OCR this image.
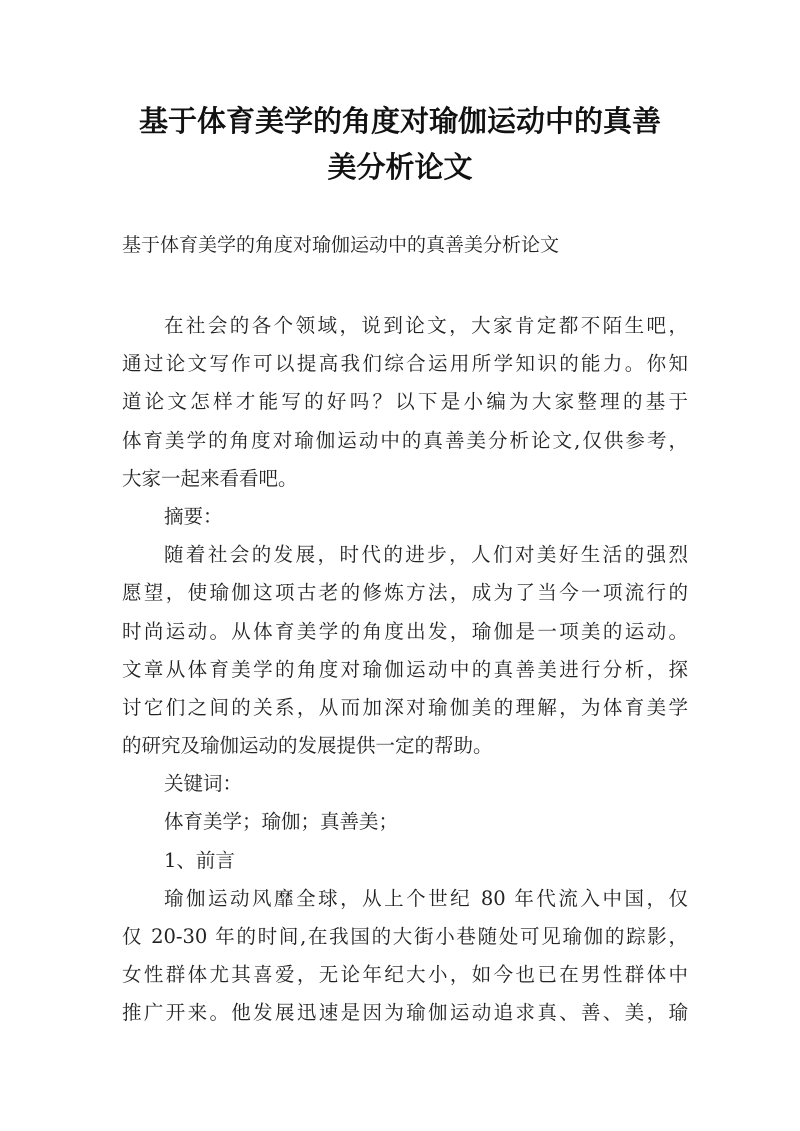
基于体育美学的角度对瑜伽运动中的真善
美分析论文

基于体育美学的角度对瑜伽运动中的真善美分析论文

在社会的各个领域，说到论文，大家肯定都不陌生吧，
通过论文写作可以提高我们综合运用所学知识的能力。你知
道论文怎样才能写的好吗？以下是小编为大家整理的基于
体育美学的角度对瑜伽运动中的真善美分析论文,仅供参考，
大家一起来看看吧。
摘要：
随着社会的发展，时代的进步，人们对美好生活的强烈
愿望，使瑜伽这项古老的修炼方法，成为了当今一项流行的
时尚运动。从体育美学的角度出发，瑜伽是一项美的运动。
文章从体育美学的角度对瑜伽运动中的真善美进行分析，探
讨它们之间的关系，从而加深对瑜伽美的理解，为体育美学
的研究及瑜伽运动的发展提供一定的帮助。
关键词：
体育美学；瑜伽；真善美；
1、前言
瑜伽运动风靡全球，从上个世纪 80 年代流入中国，仅
仅 20-30 年的时间,在我国的大街小巷随处可见瑜伽的踪影，
女性群体尤其喜爱，无论年纪大小，如今也已在男性群体中
推广开来。他发展迅速是因为瑜伽运动追求真、善、美，瑜
